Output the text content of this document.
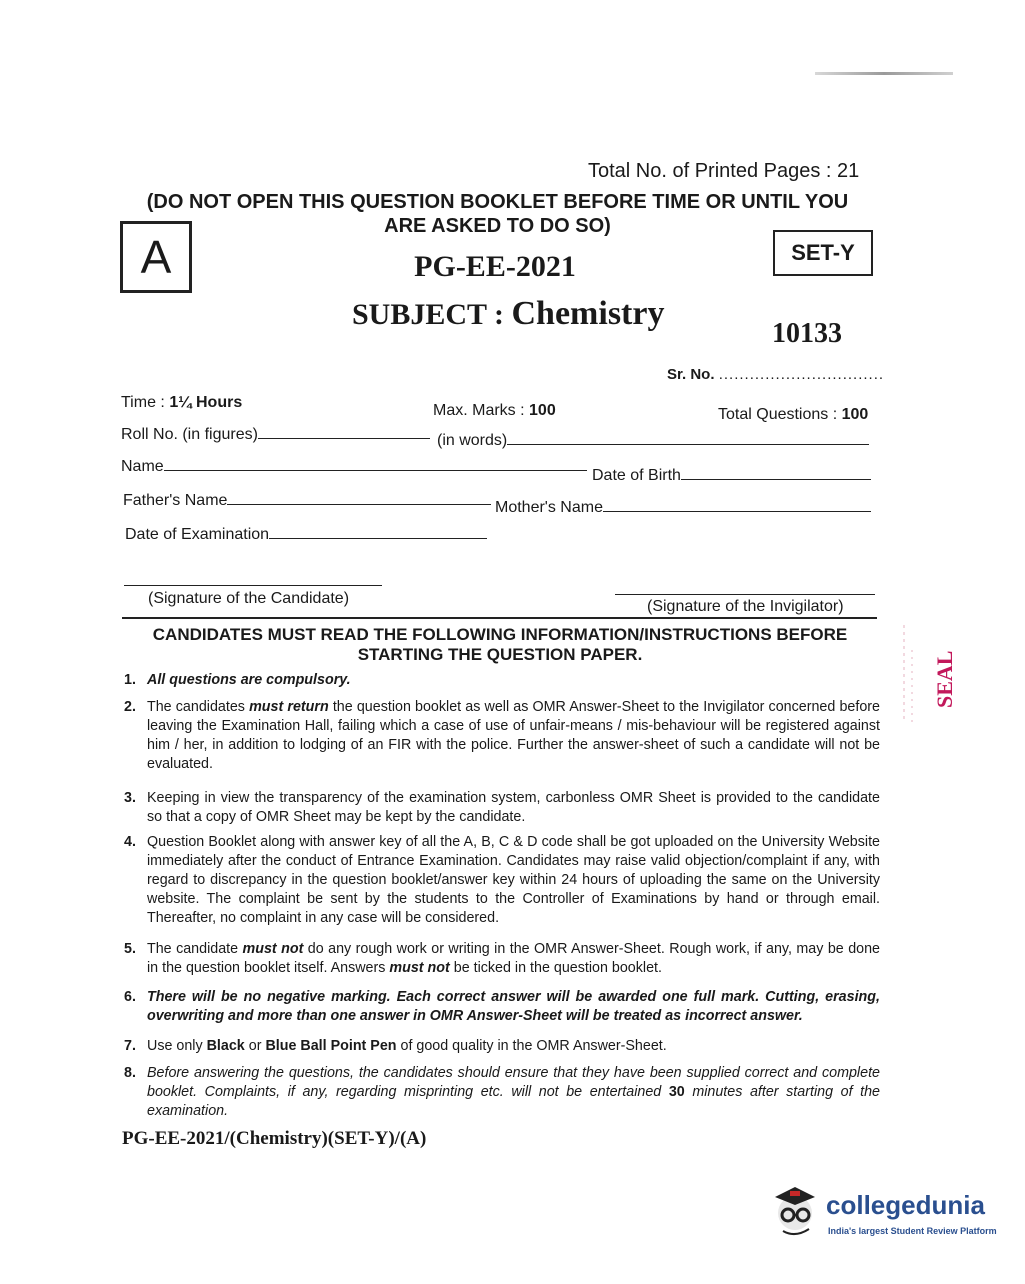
Total No. of Printed Pages : 21
(DO NOT OPEN THIS QUESTION BOOKLET BEFORE TIME OR UNTIL YOU
ARE ASKED TO DO SO)
A	SET-Y
PG-EE-2021
SUBJECT : Chemistry
10133
Sr. No. ................................
Time : 1¼ Hours	Max. Marks : 100	Total Questions : 100
Roll No. (in figures)	(in words)
Name
Date of Birth
Father's Name	Mother's Name
Date of Examination
(Signature of the Candidate)	(Signature of the Invigilator)
CANDIDATES MUST READ THE FOLLOWING INFORMATION/INSTRUCTIONS BEFORE
STARTING THE QUESTION PAPER.
1. All questions are compulsory.
2. The candidates must return the question booklet as well as OMR Answer-Sheet to the Invigilator concerned before leaving the Examination Hall, failing which a case of use of unfair-means / mis-behaviour will be registered against him / her, in addition to lodging of an FIR with the police. Further the answer-sheet of such a candidate will not be evaluated.
3. Keeping in view the transparency of the examination system, carbonless OMR Sheet is provided to the candidate so that a copy of OMR Sheet may be kept by the candidate.
4. Question Booklet along with answer key of all the A, B, C & D code shall be got uploaded on the University Website immediately after the conduct of Entrance Examination. Candidates may raise valid objection/complaint if any, with regard to discrepancy in the question booklet/answer key within 24 hours of uploading the same on the University website. The complaint be sent by the students to the Controller of Examinations by hand or through email. Thereafter, no complaint in any case will be considered.
5. The candidate must not do any rough work or writing in the OMR Answer-Sheet. Rough work, if any, may be done in the question booklet itself. Answers must not be ticked in the question booklet.
6. There will be no negative marking. Each correct answer will be awarded one full mark. Cutting, erasing, overwriting and more than one answer in OMR Answer-Sheet will be treated as incorrect answer.
7. Use only Black or Blue Ball Point Pen of good quality in the OMR Answer-Sheet.
8. Before answering the questions, the candidates should ensure that they have been supplied correct and complete booklet. Complaints, if any, regarding misprinting etc. will not be entertained 30 minutes after starting of the examination.
PG-EE-2021/(Chemistry)(SET-Y)/(A)
SEAL
collegedunia
India's largest Student Review Platform
